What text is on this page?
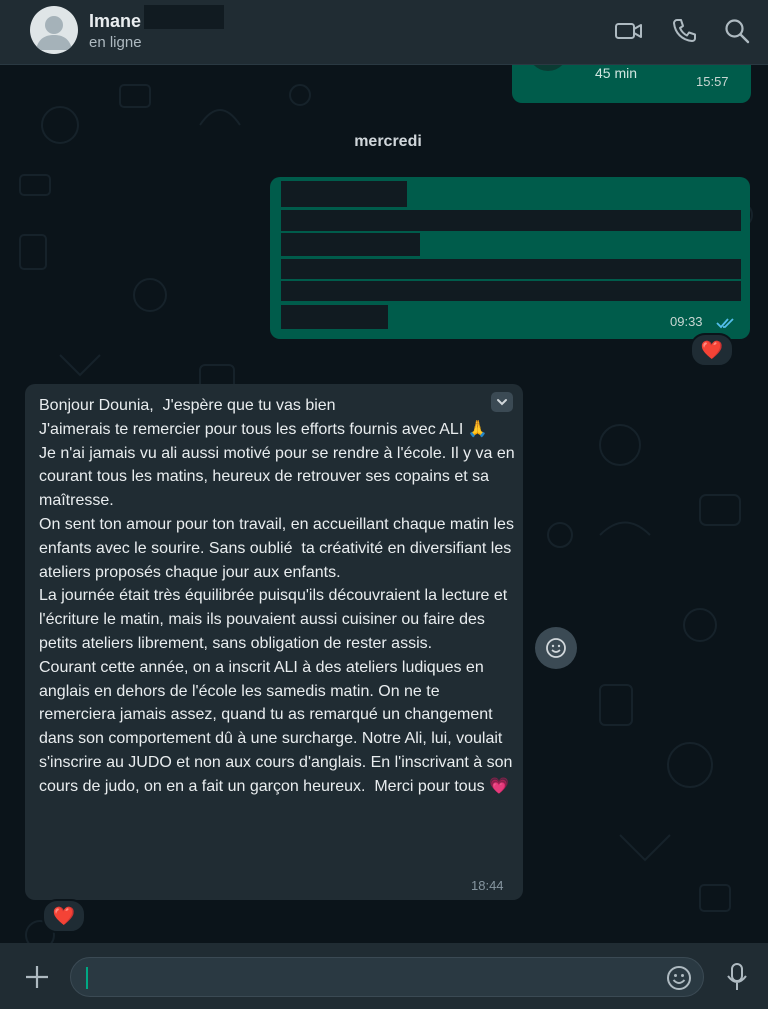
Imane
en ligne
45 min
15:57
mercredi
09:33
❤️
Bonjour Dounia,  J'espère que tu vas bien
J'aimerais te remercier pour tous les efforts fournis avec ALI 🙏
Je n'ai jamais vu ali aussi motivé pour se rendre à l'école. Il y va en courant tous les matins, heureux de retrouver ses copains et sa maîtresse.
On sent ton amour pour ton travail, en accueillant chaque matin les enfants avec le sourire. Sans oublié  ta créativité en diversifiant les ateliers proposés chaque jour aux enfants.
La journée était très équilibrée puisqu'ils découvraient la lecture et l'écriture le matin, mais ils pouvaient aussi cuisiner ou faire des petits ateliers librement, sans obligation de rester assis.
Courant cette année, on a inscrit ALI à des ateliers ludiques en anglais en dehors de l'école les samedis matin. On ne te remerciera jamais assez, quand tu as remarqué un changement dans son comportement dû à une surcharge. Notre Ali, lui, voulait s'inscrire au JUDO et non aux cours d'anglais. En l'inscrivant à son cours de judo, on en a fait un garçon heureux.  Merci pour tous 💗
18:44
❤️
